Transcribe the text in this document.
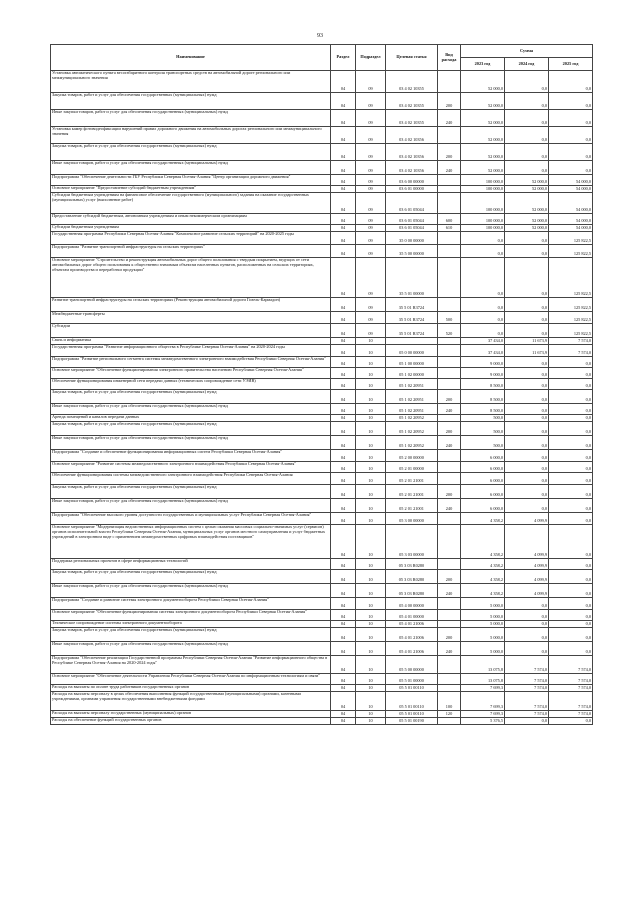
93
Наименование	Раздел	Подраздел	Целевая статья	Вид расхода	Сумма		
					2023 год	2024 год	2025 год
Установка автоматического пункта весогабаритного контроля транспортных средств на автомобильной дороге регионального или межмуниципального значения	04	09	03 4 02 10355		52 000,0	0,0	0,0
Закупка товаров, работ и услуг для обеспечения государственных (муниципальных) нужд	04	09	03 4 02 10355	200	52 000,0	0,0	0,0
Иные закупки товаров, работ и услуг для обеспечения государственных (муниципальных) нужд	04	09	03 4 02 10355	240	52 000,0	0,0	0,0
Установка камер фотовидеофиксации нарушений правил дорожного движения на автомобильных дорогах регионального или межмуниципального значения	04	09	03 4 02 10356		52 000,0	0,0	0,0
Закупка товаров, работ и услуг для обеспечения государственных (муниципальных) нужд	04	09	03 4 02 10356	200	52 000,0	0,0	0,0
Иные закупки товаров, работ и услуг для обеспечения государственных (муниципальных) нужд	04	09	03 4 02 10356	240	52 000,0	0,0	0,0
Подпрограмма "Обеспечение деятельности ГБУ Республики Северная Осетия-Алания "Центр организации дорожного движения"	04	09	03 6 00 00000		100 000,0	52 000,0	54 000,0
Основное мероприятие "Предоставление субсидий бюджетным учреждениям"	04	09	03 6 01 00000		100 000,0	52 000,0	54 000,0
Субсидии бюджетным учреждениям на финансовое обеспечение государственного (муниципального) задания на оказание государственных (муниципальных) услуг (выполнение работ)	04	09	03 6 01 05044		100 000,0	52 000,0	54 000,0
Предоставление субсидий бюджетным, автономным учреждениям и иным некоммерческим организациям	04	09	03 6 01 05044	600	100 000,0	52 000,0	54 000,0
Субсидии бюджетным учреждениям	04	09	03 6 01 05044	610	100 000,0	52 000,0	54 000,0
Государственная программа Республики Северная Осетия-Алания "Комплексное развитие сельских территорий" на 2020-2025 годы	04	09	35 0 00 00000		0,0	0,0	125 822,5
Подпрограмма "Развитие транспортной инфраструктуры на сельских территориях"	04	09	35 5 00 00000		0,0	0,0	125 822,5
Основное мероприятие "Строительство и реконструкция автомобильных дорог общего пользования с твердым покрытием, ведущих от сети автомобильных дорог общего пользования к общественно значимым объектам населенных пунктов, расположенных на сельских территориях, объектам производства и переработки продукции"	04	09	35 5 01 00000		0,0	0,0	125 822,5
Развитие транспортной инфраструктуры на сельских территориях (Реконструкция автомобильной дороги Гизель-Кармадон)	04	09	35 5 01 R3724		0,0	0,0	125 822,5
Межбюджетные трансферты	04	09	35 5 01 R3724	500	0,0	0,0	125 822,5
Субсидии	04	09	35 5 01 R3724	520	0,0	0,0	125 822,5
Связь и информатика	04	10			37 434,0	11 673,9	7 574,0
Государственная программа "Развитие информационного общества в Республике Северная Осетия-Алания" на 2020-2024 годы	04	10	05 0 00 00000		37 434,0	11 673,9	7 574,0
Подпрограмма "Развитие регионального сегмента системы межведомственного электронного взаимодействия Республики Северная Осетия-Алания"	04	10	05 1 00 00000		9 000,0	0,0	0,0
Основное мероприятие "Обеспечение функционирования электронного правительства населению Республики Северная Осетия-Алания"	04	10	05 1 02 00000		9 000,0	0,0	0,0
Обеспечение функционирования инженерной сети передачи данных (технических сопровождение сети УЭИВ)	04	10	05 1 02 20951		8 500,0	0,0	0,0
Закупка товаров, работ и услуг для обеспечения государственных (муниципальных) нужд	04	10	05 1 02 20951	200	8 500,0	0,0	0,0
Иные закупки товаров, работ и услуг для обеспечения государственных (муниципальных) нужд	04	10	05 1 02 20951	240	8 500,0	0,0	0,0
Аренда помещений и каналов передачи данных	04	10	05 1 02 20952		500,0	0,0	0,0
Закупка товаров, работ и услуг для обеспечения государственных (муниципальных) нужд	04	10	05 1 02 20952	200	500,0	0,0	0,0
Иные закупки товаров, работ и услуг для обеспечения государственных (муниципальных) нужд	04	10	05 1 02 20952	240	500,0	0,0	0,0
Подпрограмма "Создание и обеспечение функционирования информационных систем Республики Северная Осетия-Алания"	04	10	05 2 00 00000		6 000,0	0,0	0,0
Основное мероприятие "Развитие системы межведомственного электронного взаимодействия Республики Северная Осетия-Алания"	04	10	05 2 01 00000		6 000,0	0,0	0,0
Обеспечение функционирования системы межведомственного электронного взаимодействия Республики Северная Осетия-Алания	04	10	05 2 01 21001		6 000,0	0,0	0,0
Закупка товаров, работ и услуг для обеспечения государственных (муниципальных) нужд	04	10	05 2 01 21001	200	6 000,0	0,0	0,0
Иные закупки товаров, работ и услуг для обеспечения государственных (муниципальных) нужд	04	10	05 2 01 21001	240	6 000,0	0,0	0,0
Подпрограмма "Обеспечение высокого уровня доступности государственных и муниципальных услуг Республики Северная Осетия-Алания"	04	10	05 3 00 00000		4 358,2	4 099,9	0,0
Основное мероприятие "Модернизация ведомственных информационных систем с целью оказания массовых социально-значимых услуг (сервисов) органов исполнительной власти Республики Северная Осетия-Алания, муниципальных услуг органов местного самоуправления и услуг бюджетных учреждений в электронном виде с применением межведомственных цифровых взаимодействия поставщиков"	04	10	05 3 03 00000		4 358,2	4 099,9	0,0
Поддержка региональных проектов в сфере информационных технологий	04	10	05 3 03 R0280		4 358,2	4 099,9	0,0
Закупка товаров, работ и услуг для обеспечения государственных (муниципальных) нужд	04	10	05 3 03 R0280	200	4 358,2	4 099,9	0,0
Иные закупки товаров, работ и услуг для обеспечения государственных (муниципальных) нужд	04	10	05 3 03 R0280	240	4 358,2	4 099,9	0,0
Подпрограмма "Создание и развитие системы электронного документооборота Республики Северная Осетия-Алания"	04	10	05 4 00 00000		5 000,0	0,0	0,0
Основное мероприятие "Обеспечение функционирования системы электронного документооборота Республики Северная Осетия-Алания"	04	10	05 4 01 00000		5 000,0	0,0	0,0
Техническое сопровождение системы электронного документооборота	04	10	05 4 01 21006		5 000,0	0,0	0,0
Закупка товаров, работ и услуг для обеспечения государственных (муниципальных) нужд	04	10	05 4 01 21006	200	5 000,0	0,0	0,0
Иные закупки товаров, работ и услуг для обеспечения государственных (муниципальных) нужд	04	10	05 4 01 21006	240	5 000,0	0,0	0,0
Подпрограмма "Обеспечение реализации Государственной программы Республики Северная Осетия-Алания "Развитие информационного общества в Республике Северная Осетия-Алания на 2020-2024 годы"	04	10	05 5 00 00000		13 075,8	7 574,0	7 574,0
Основное мероприятие "Обеспечение деятельности Управления Республики Северная Осетия-Алания по информационным технологиям и связи"	04	10	05 5 01 00000		13 075,8	7 574,0	7 574,0
Расходы на выплаты по оплате труда работников государственных органов	04	10	05 5 01 00110		7 699,3	7 574,0	7 574,0
Расходы на выплаты персоналу в целях обеспечения выполнения функций государственными (муниципальными) органами, казенными учреждениями, органами управления государственными внебюджетными фондами	04	10	05 5 01 00110	100	7 699,3	7 574,0	7 574,0
Расходы на выплаты персоналу государственных (муниципальных) органов	04	10	05 5 01 00110	120	7 699,3	7 574,0	7 574,0
Расходы на обеспечение функций государственных органов	04	10	05 5 01 00190		5 376,5	0,0	0,0
